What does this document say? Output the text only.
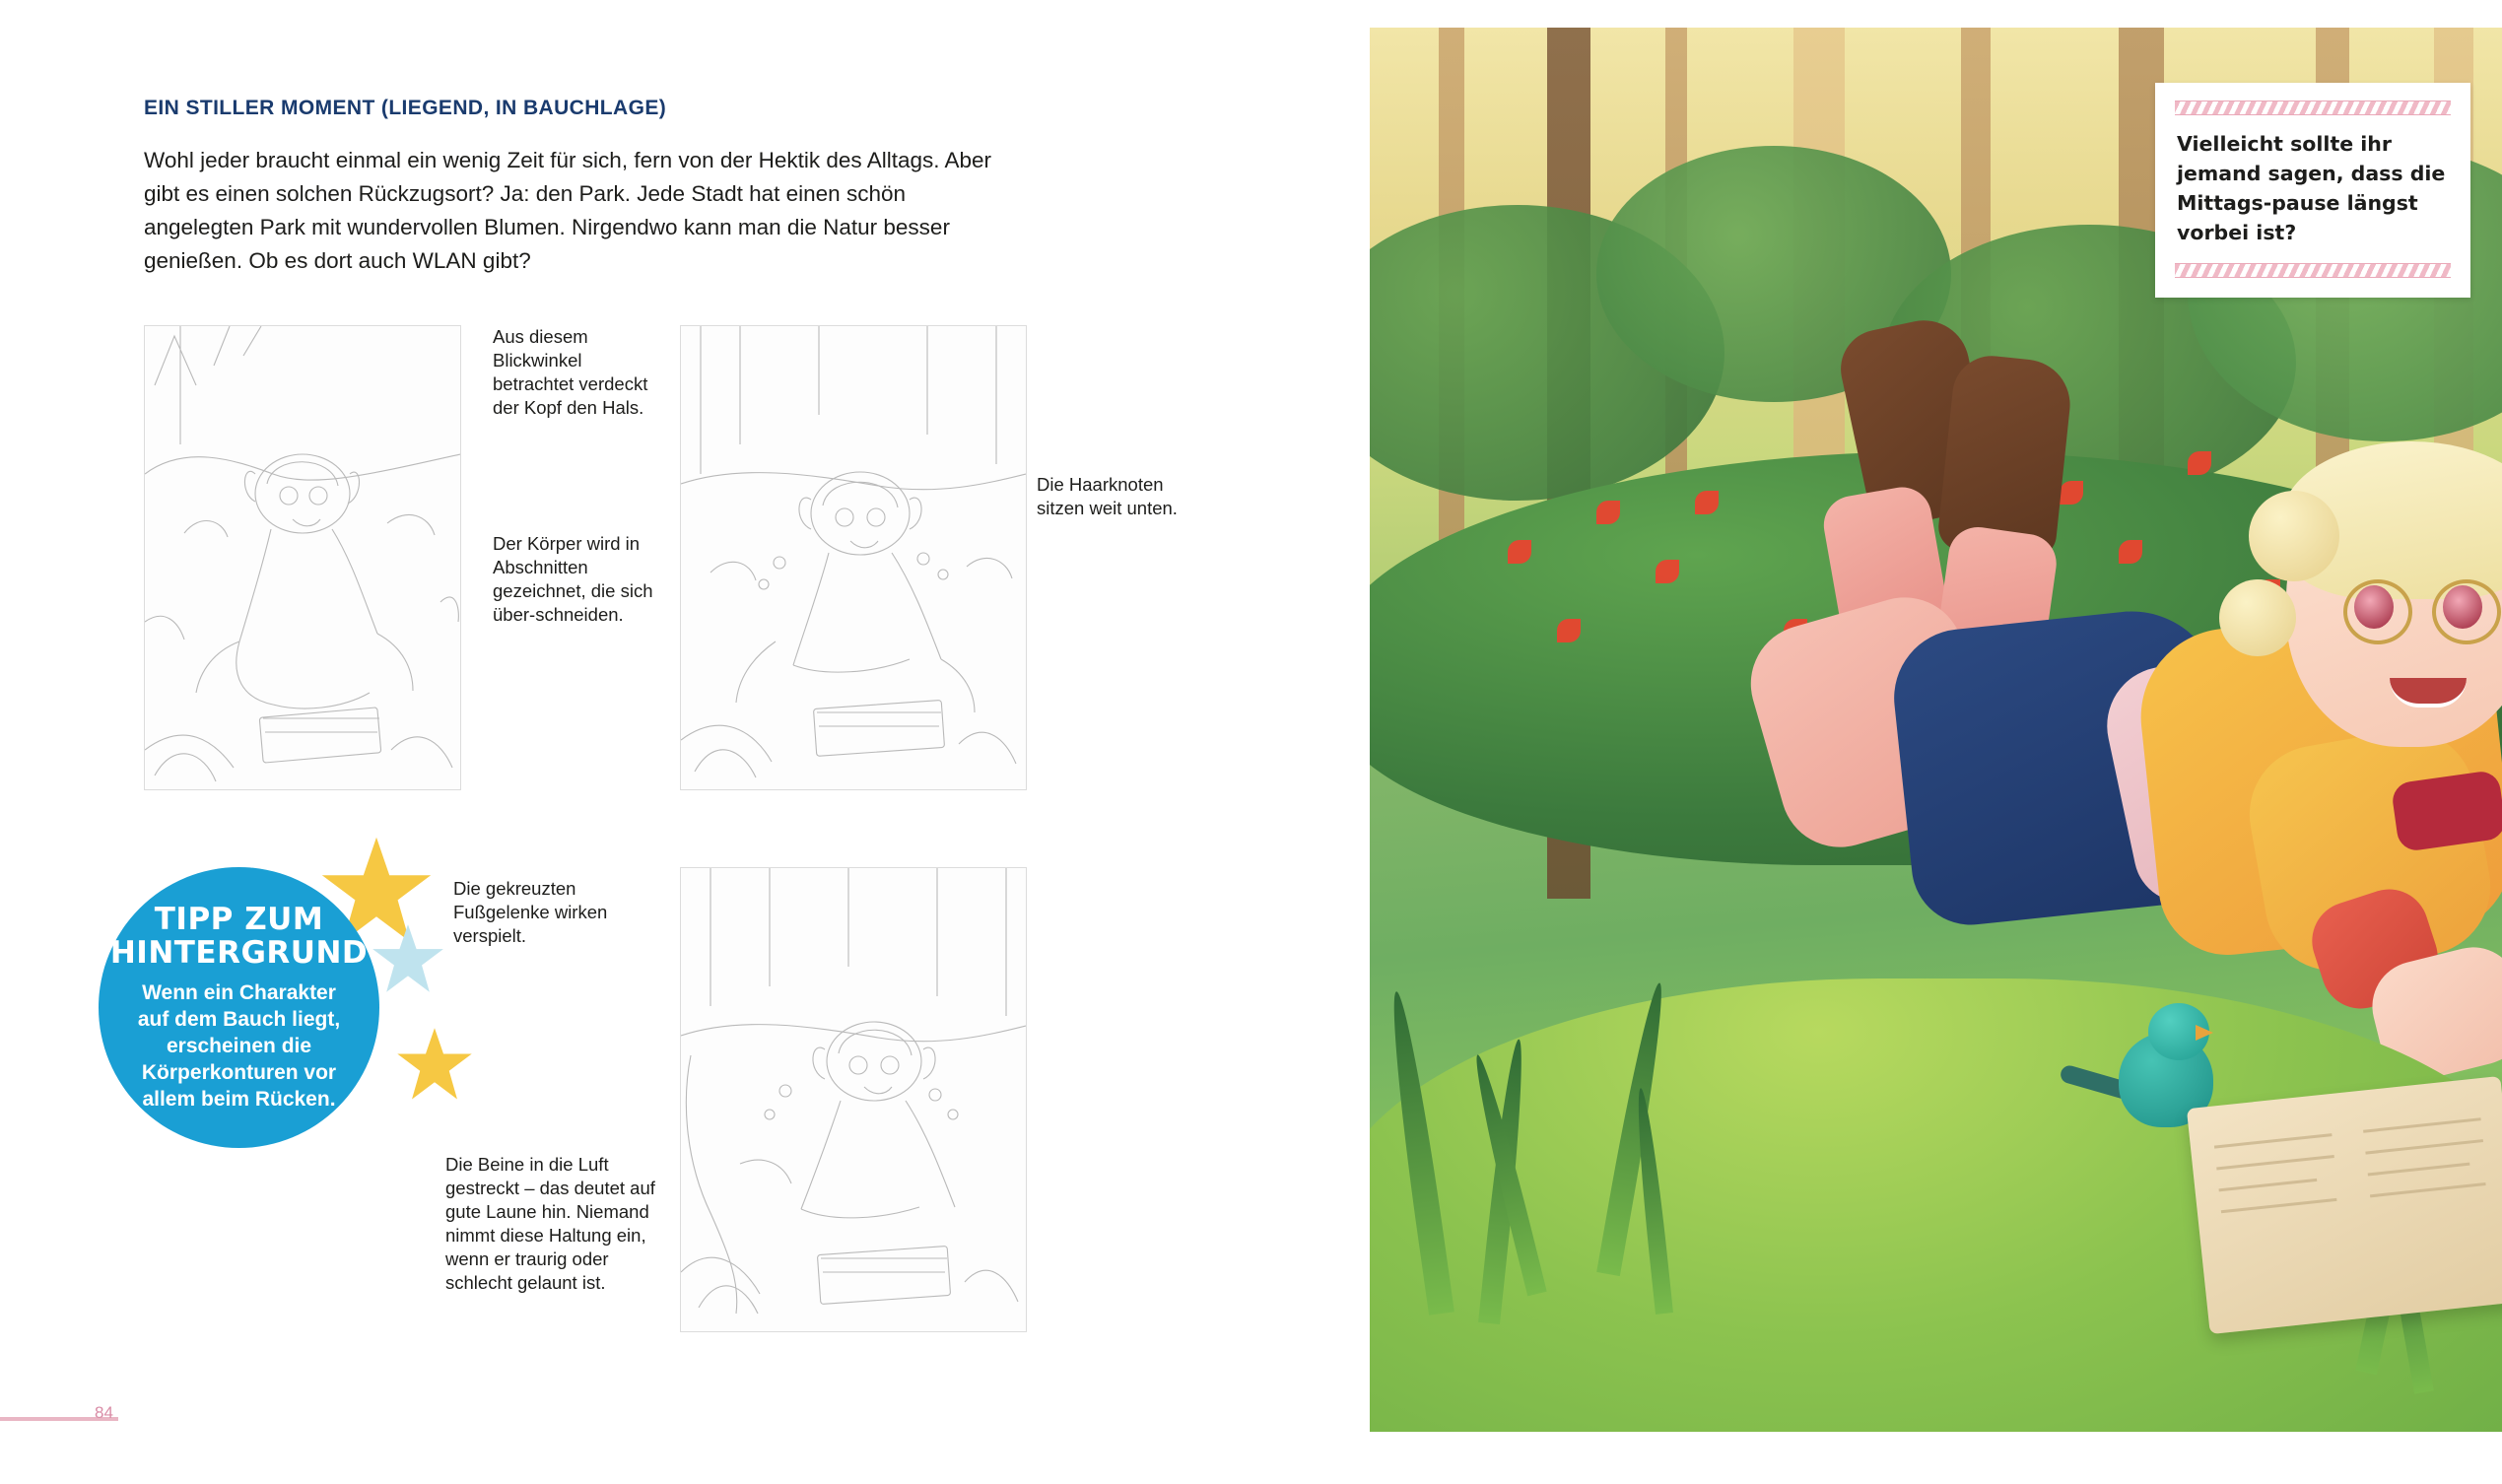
EIN STILLER MOMENT (LIEGEND, IN BAUCHLAGE)
Wohl jeder braucht einmal ein wenig Zeit für sich, fern von der Hektik des Alltags. Aber gibt es einen solchen Rückzugsort? Ja: den Park. Jede Stadt hat einen schön angelegten Park mit wundervollen Blumen. Nirgendwo kann man die Natur besser genießen. Ob es dort auch WLAN gibt?
Aus diesem Blickwinkel betrachtet verdeckt der Kopf den Hals.
Der Körper wird in Abschnitten gezeichnet, die sich über-schneiden.
Die Haarknoten sitzen weit unten.
Die gekreuzten Fußgelenke wirken verspielt.
Die Beine in die Luft gestreckt – das deutet auf gute Laune hin. Niemand nimmt diese Haltung ein, wenn er traurig oder schlecht gelaunt ist.
TIPP ZUM HINTERGRUND
Wenn ein Charakter auf dem Bauch liegt, erscheinen die Körperkonturen vor allem beim Rücken.
84
Vielleicht sollte ihr jemand sagen, dass die Mittags-pause längst vorbei ist?
